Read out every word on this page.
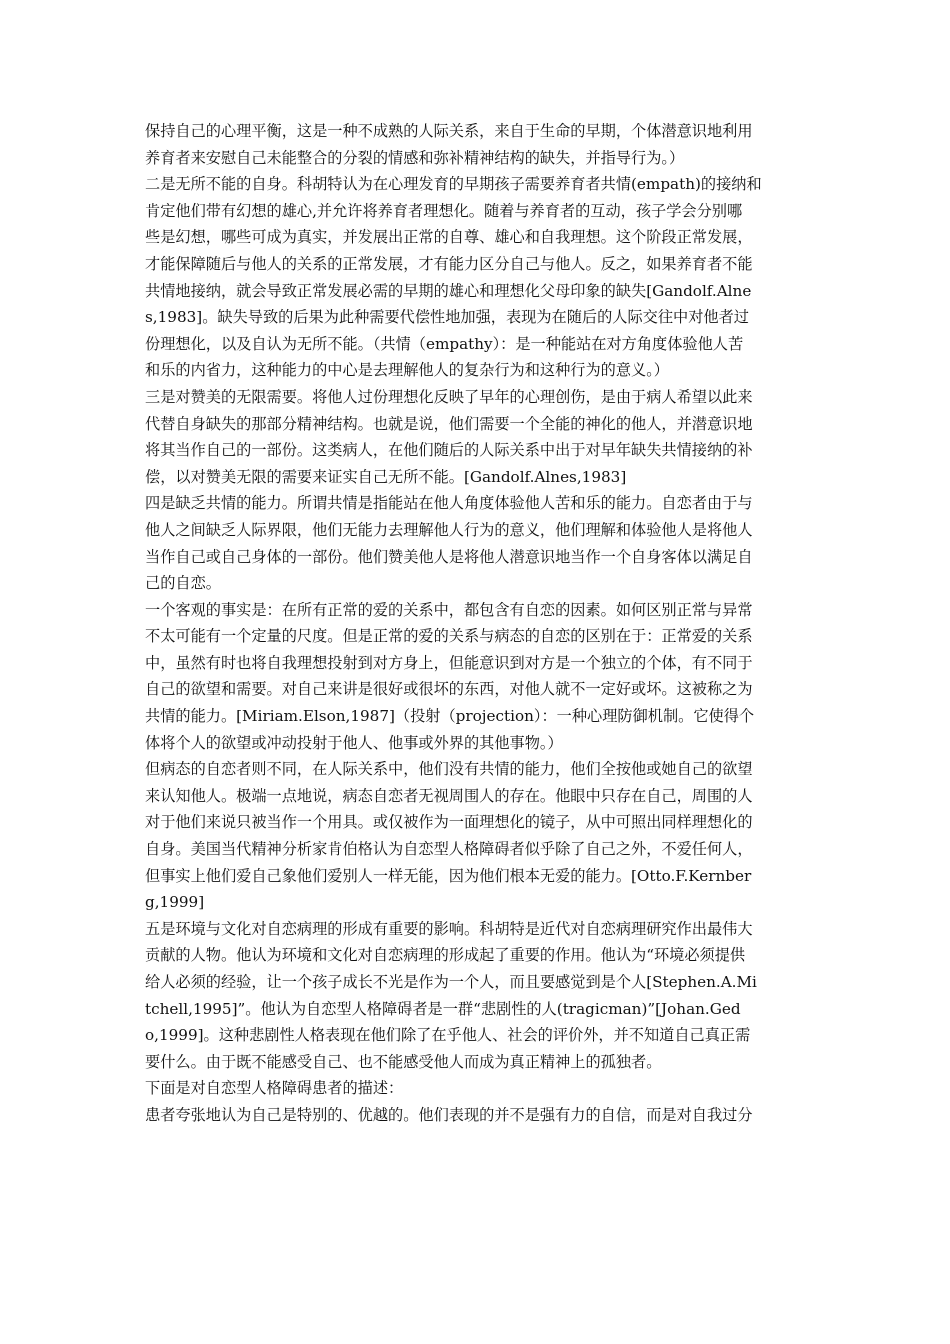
保持自己的心理平衡，这是一种不成熟的人际关系，来自于生命的早期，个体潜意识地利用
养育者来安慰自己未能整合的分裂的情感和弥补精神结构的缺失，并指导行为。）
二是无所不能的自身。科胡特认为在心理发育的早期孩子需要养育者共情(empath)的接纳和
肯定他们带有幻想的雄心,并允许将养育者理想化。随着与养育者的互动，孩子学会分别哪
些是幻想，哪些可成为真实，并发展出正常的自尊、雄心和自我理想。这个阶段正常发展，
才能保障随后与他人的关系的正常发展，才有能力区分自己与他人。反之，如果养育者不能
共情地接纳，就会导致正常发展必需的早期的雄心和理想化父母印象的缺失[Gandolf.Alne
s,1983]。缺失导致的后果为此种需要代偿性地加强，表现为在随后的人际交往中对他者过
份理想化，以及自认为无所不能。（共情（empathy）：是一种能站在对方角度体验他人苦
和乐的内省力，这种能力的中心是去理解他人的复杂行为和这种行为的意义。）
三是对赞美的无限需要。将他人过份理想化反映了早年的心理创伤，是由于病人希望以此来
代替自身缺失的那部分精神结构。也就是说，他们需要一个全能的神化的他人，并潜意识地
将其当作自己的一部份。这类病人，在他们随后的人际关系中出于对早年缺失共情接纳的补
偿，以对赞美无限的需要来证实自己无所不能。[Gandolf.Alnes,1983]
四是缺乏共情的能力。所谓共情是指能站在他人角度体验他人苦和乐的能力。自恋者由于与
他人之间缺乏人际界限，他们无能力去理解他人行为的意义，他们理解和体验他人是将他人
当作自己或自己身体的一部份。他们赞美他人是将他人潜意识地当作一个自身客体以满足自
己的自恋。
一个客观的事实是：在所有正常的爱的关系中，都包含有自恋的因素。如何区别正常与异常
不太可能有一个定量的尺度。但是正常的爱的关系与病态的自恋的区别在于：正常爱的关系
中，虽然有时也将自我理想投射到对方身上，但能意识到对方是一个独立的个体，有不同于
自己的欲望和需要。对自己来讲是很好或很坏的东西，对他人就不一定好或坏。这被称之为
共情的能力。[Miriam.Elson,1987]（投射（projection）：一种心理防御机制。它使得个
体将个人的欲望或冲动投射于他人、他事或外界的其他事物。）
但病态的自恋者则不同，在人际关系中，他们没有共情的能力，他们全按他或她自己的欲望
来认知他人。极端一点地说，病态自恋者无视周围人的存在。他眼中只存在自己，周围的人
对于他们来说只被当作一个用具。或仅被作为一面理想化的镜子，从中可照出同样理想化的
自身。美国当代精神分析家肯伯格认为自恋型人格障碍者似乎除了自己之外，不爱任何人，
但事实上他们爱自己象他们爱别人一样无能，因为他们根本无爱的能力。[Otto.F.Kernber
g,1999]
五是环境与文化对自恋病理的形成有重要的影响。科胡特是近代对自恋病理研究作出最伟大
贡献的人物。他认为环境和文化对自恋病理的形成起了重要的作用。他认为“环境必须提供
给人必须的经验，让一个孩子成长不光是作为一个人，而且要感觉到是个人[Stephen.A.Mi
tchell,1995]”。他认为自恋型人格障碍者是一群“悲剧性的人(tragicman)”[Johan.Ged
o,1999]。这种悲剧性人格表现在他们除了在乎他人、社会的评价外，并不知道自己真正需
要什么。由于既不能感受自己、也不能感受他人而成为真正精神上的孤独者。
下面是对自恋型人格障碍患者的描述：
患者夸张地认为自己是特别的、优越的。他们表现的并不是强有力的自信，而是对自我过分
